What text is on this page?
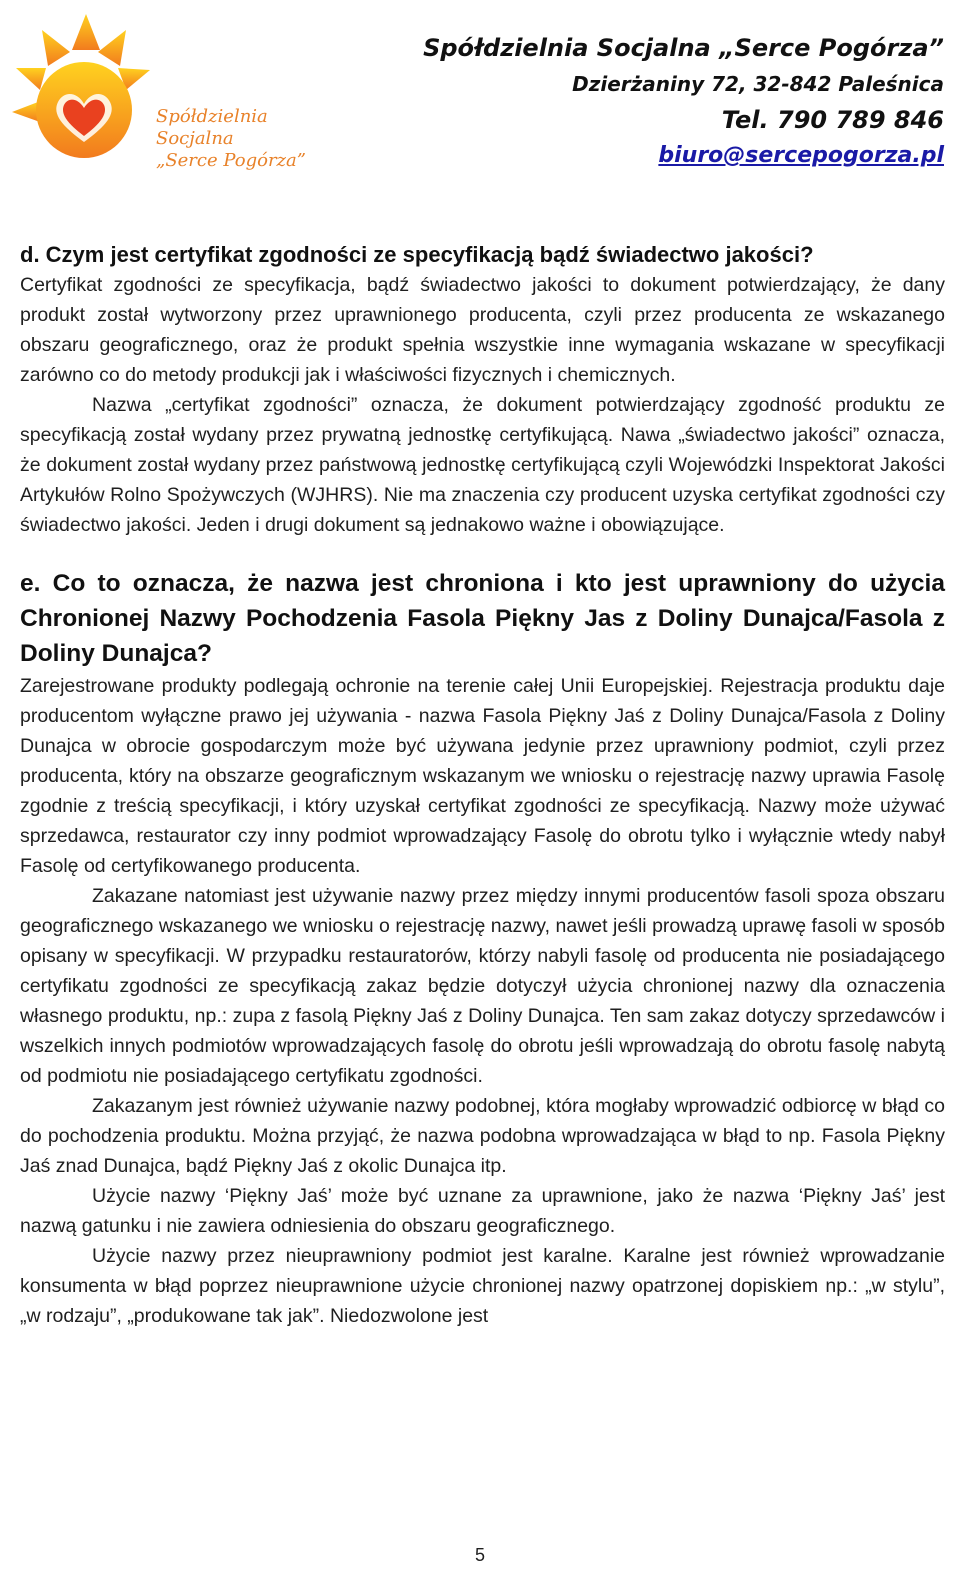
Spółdzielnia Socjalna
„Serce Pogórza”
Spółdzielnia Socjalna „Serce Pogórza”
Dzierżaniny 72, 32-842 Paleśnica
Tel. 790 789 846
biuro@sercepogorza.pl
d. Czym jest certyfikat zgodności ze specyfikacją bądź świadectwo jakości?

Certyfikat zgodności ze specyfikacja, bądź świadectwo jakości to dokument potwierdzający, że dany produkt został wytworzony przez uprawnionego producenta, czyli przez producenta ze wskazanego obszaru geograficznego, oraz że produkt spełnia wszystkie inne wymagania wskazane w specyfikacji zarówno co do metody produkcji jak i właściwości fizycznych i chemicznych.

Nazwa „certyfikat zgodności” oznacza, że dokument potwierdzający zgodność produktu ze specyfikacją został wydany przez prywatną jednostkę certyfikującą. Nawa „świadectwo jakości” oznacza, że dokument został wydany przez państwową jednostkę certyfikującą czyli Wojewódzki Inspektorat Jakości Artykułów Rolno Spożywczych (WJHRS). Nie ma znaczenia czy producent uzyska certyfikat zgodności czy świadectwo jakości. Jeden i drugi dokument są jednakowo ważne i obowiązujące.

e. Co to oznacza, że nazwa jest chroniona i kto jest uprawniony do użycia Chronionej Nazwy Pochodzenia Fasola Piękny Jas z Doliny Dunajca/Fasola z Doliny Dunajca?

Zarejestrowane produkty podlegają ochronie na terenie całej Unii Europejskiej. Rejestracja produktu daje producentom wyłączne prawo jej używania - nazwa Fasola Piękny Jaś z Doliny Dunajca/Fasola z Doliny Dunajca w obrocie gospodarczym może być używana jedynie przez uprawniony podmiot, czyli przez producenta, który na obszarze geograficznym wskazanym we wniosku o rejestrację nazwy uprawia Fasolę zgodnie z treścią specyfikacji, i który uzyskał certyfikat zgodności ze specyfikacją. Nazwy może używać sprzedawca, restaurator czy inny podmiot wprowadzający Fasolę do obrotu tylko i wyłącznie wtedy nabył Fasolę od certyfikowanego producenta.

Zakazane natomiast jest używanie nazwy przez między innymi producentów fasoli spoza obszaru geograficznego wskazanego we wniosku o rejestrację nazwy, nawet jeśli prowadzą uprawę fasoli w sposób opisany w specyfikacji. W przypadku restauratorów, którzy nabyli fasolę od producenta nie posiadającego certyfikatu zgodności ze specyfikacją zakaz będzie dotyczył użycia chronionej nazwy dla oznaczenia własnego produktu, np.: zupa z fasolą Piękny Jaś z Doliny Dunajca. Ten sam zakaz dotyczy sprzedawców i wszelkich innych podmiotów wprowadzających fasolę do obrotu jeśli wprowadzają do obrotu fasolę nabytą od podmiotu nie posiadającego certyfikatu zgodności.

Zakazanym jest również używanie nazwy podobnej, która mogłaby wprowadzić odbiorcę w błąd co do pochodzenia produktu. Można przyjąć, że nazwa podobna wprowadzająca w błąd to np. Fasola Piękny Jaś znad Dunajca, bądź Piękny Jaś z okolic Dunajca itp.

Użycie nazwy ‘Piękny Jaś’ może być uznane za uprawnione, jako że nazwa ‘Piękny Jaś’ jest nazwą gatunku i nie zawiera odniesienia do obszaru geograficznego.

Użycie nazwy przez nieuprawniony podmiot jest karalne. Karalne jest również wprowadzanie konsumenta w błąd poprzez nieuprawnione użycie chronionej nazwy opatrzonej dopiskiem np.: „w stylu”, „w rodzaju”, „produkowane tak jak”. Niedozwolone jest

5
